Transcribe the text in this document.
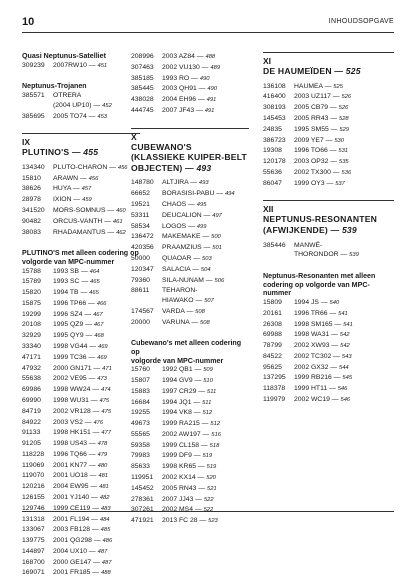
10	INHOUDSOPGAVE
Quasi Neptunus-Satelliet
309239	2007RW10 — 451
Neptunus-Trojanen
385571	OTRERA
(2004 UP10) — 452
385695	2005 TO74 — 453
IX
PLUTINO'S — 455
134340	PLUTO-CHARON — 456
15810	ARAWN — 456
38626	HUYA — 457
28978	IXION — 459
341520	MORS-SOMNUS — 460
90482	ORCUS-VANTH — 461
38083	RHADAMANTUS — 462
PLUTINO'S met alleen codering op
volgorde van MPC-nummer
15788	1993 SB — 464
15789	1993 SC — 465
15820	1994 TB — 465
15875	1996 TP66 — 466
19299	1996 SZ4 — 467
20108	1995 QZ9 — 467
32929	1995 QY9 — 468
33340	1998 VG44 — 469
47171	1999 TC36 — 469
47932	2000 GN171 — 471
55638	2002 VE95 — 473
69986	1998 WW24 — 474
69990	1998 WU31 — 475
84719	2002 VR128 — 475
84922	2003 VS2 — 476
91133	1998 HK151 — 477
91205	1998 US43 — 478
118228	1996 TQ66 — 479
119069	2001 KN77 — 480
119070	2001 UO18 — 481
120216	2004 EW95 — 481
126155	2001 YJ140 — 482
129746	1999 CE119 — 483
131318	2001 FL194 — 484
133067	2003 FB128 — 485
139775	2001 QG298 — 486
144897	2004 UX10 — 487
168700	2000 GE147 — 487
169071	2001 FR185 — 488
208996	2003 AZ84 — 488
307463	2002 VU130 — 489
385185	1993 RO — 490
385445	2003 QH91 — 490
438028	2004 EH96 — 491
444745	2007 JF43 — 491
X
CUBEWANO'S
(KLASSIEKE KUIPER-BELT
OBJECTEN) — 493
148780	ALTJIRA — 493
66652	BORASISI-PABU — 494
19521	CHAOS — 495
53311	DEUCALION — 497
58534	LOGOS — 499
136472	MAKEMAKE — 500
420356	PRAAMZIUS — 501
50000	QUAOAR — 503
120347	SALACIA — 504
79360	SILA-NUNAM — 506
88611	TEHARON-
HIAWAKO — 507
174567	VARDA — 508
20000	VARUNA — 508
Cubewano's met alleen codering op
volgorde van MPC-nummer
15760	1992 QB1 — 509
15807	1994 GV9 — 510
15883	1997 CR29 — 511
16684	1994 JQ1 — 511
19255	1994 VK8 — 512
49673	1999 RA215 — 512
55565	2002 AW197 — 516
59358	1999 CL158 — 518
79983	1999 DF9 — 519
85633	1998 KR65 — 519
119951	2002 KX14 — 520
145452	2005 RN43 — 521
278361	2007 JJ43 — 522
307261	2002 MS4 — 522
471921	2013 FC 28 — 523
XI
DE HAUMEÏDEN — 525
136108	HAUMEA — 525
416400	2003 UZ117 — 526
308193	2005 CB79 — 526
145453	2005 RR43 — 528
24835	1995 SM55 — 529
386723	2009 YE7 — 530
19308	1996 TO66 — 531
120178	2003 OP32 — 535
55636	2002 TX300 — 536
86047	1999 OY3 — 537
XII
NEPTUNUS-RESONANTEN
(AFWIJKENDE) — 539
385446	MANWË-
THORONDOR — 539
Neptunus-Resonanten met alleen
codering op volgorde van MPC-
nummer
15809	1994 JS — 540
20161	1996 TR66 — 541
26308	1998 SM165 — 541
69988	1998 WA31 — 542
78799	2002 XW93 — 542
84522	2002 TC302 — 543
95625	2002 GX32 — 544
137295	1999 RB216 — 545
118378	1999 HT11 — 546
119979	2002 WC19 — 546
